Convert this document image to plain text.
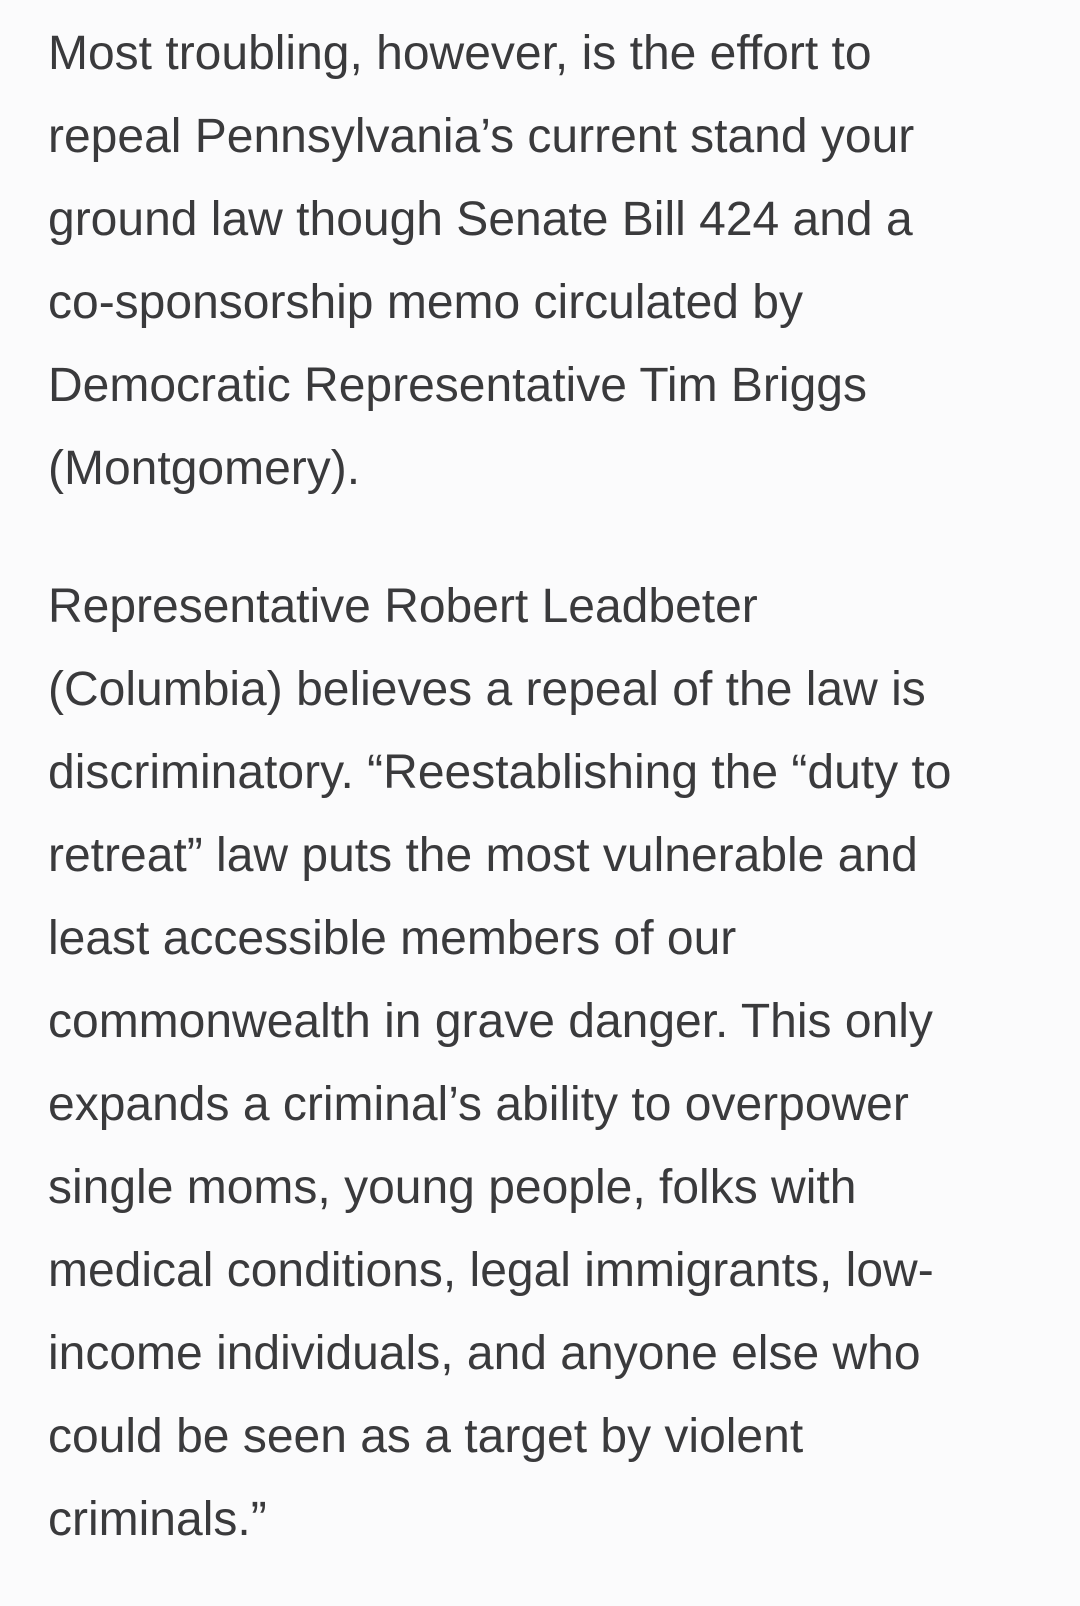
Most troubling, however, is the effort to
repeal Pennsylvania’s current stand your
ground law though Senate Bill 424 and a
co-sponsorship memo circulated by
Democratic Representative Tim Briggs
(Montgomery).

Representative Robert Leadbeter
(Columbia) believes a repeal of the law is
discriminatory. “Reestablishing the “duty to
retreat” law puts the most vulnerable and
least accessible members of our
commonwealth in grave danger. This only
expands a criminal’s ability to overpower
single moms, young people, folks with
medical conditions, legal immigrants, low-
income individuals, and anyone else who
could be seen as a target by violent
criminals.”
